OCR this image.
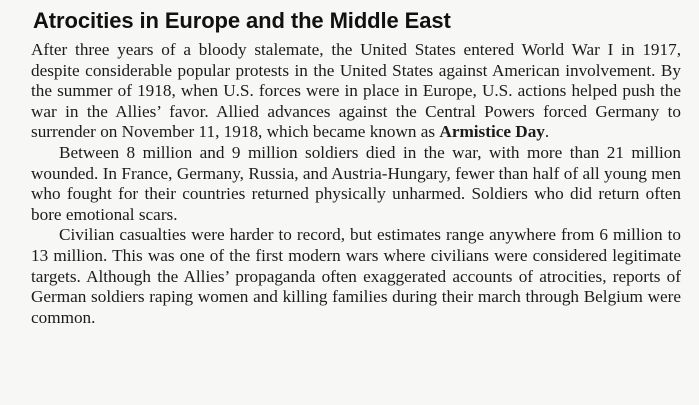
Atrocities in Europe and the Middle East

After three years of a bloody stalemate, the United States entered World War I in 1917, despite considerable popular protests in the United States against American involvement. By the summer of 1918, when U.S. forces were in place in Europe, U.S. actions helped push the war in the Allies’ favor. Allied advances against the Central Powers forced Germany to surrender on November 11, 1918, which became known as Armistice Day.

Between 8 million and 9 million soldiers died in the war, with more than 21 million wounded. In France, Germany, Russia, and Austria-Hungary, fewer than half of all young men who fought for their countries returned physically unharmed. Soldiers who did return often bore emotional scars.

Civilian casualties were harder to record, but estimates range anywhere from 6 million to 13 million. This was one of the first modern wars where civilians were considered legitimate targets. Although the Allies’ propaganda often exaggerated accounts of atrocities, reports of German soldiers raping women and killing families during their march through Belgium were common.
